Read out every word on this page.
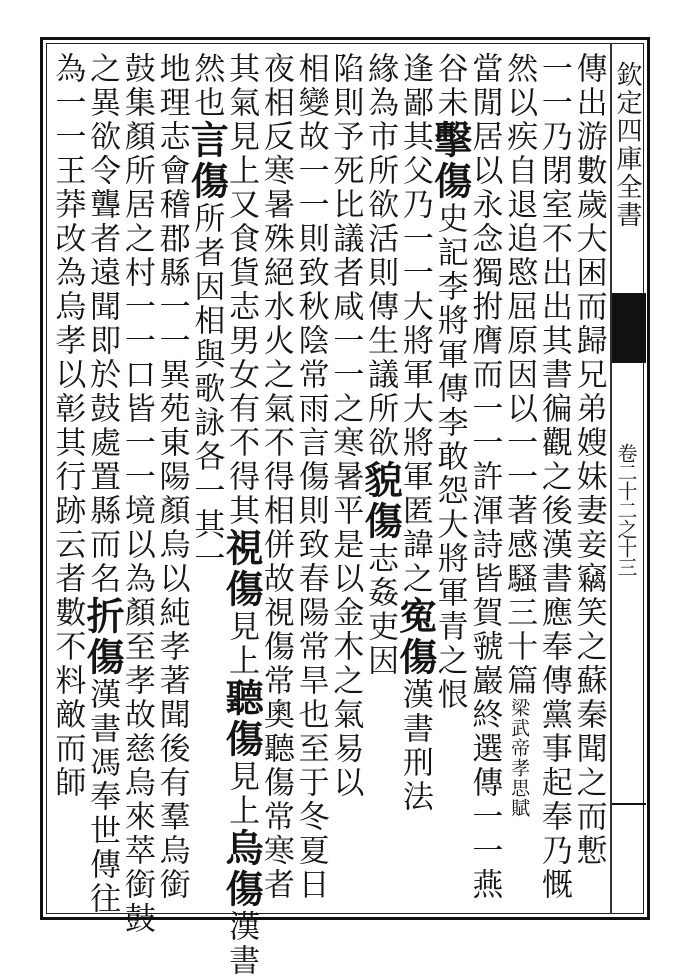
欽定四庫全書
卷二十二之十三
傳出游數歲大困而歸兄弟嫂妹妻妾竊笑之蘇秦聞之而慙
一一乃閉室不出出其書徧觀之後漢書應奉傳黨事起奉乃慨
然以疾自退追愍屈原因以一一著感騷三十篇梁武帝孝思賦
當閒居以永念獨拊膺而一一許渾詩皆賀虢巖終選傳一一燕
谷未擊傷史記李將軍傳李敢怨大將軍青之恨
逢鄙其父乃一一大將軍大將軍匿諱之寃傷漢書刑法
緣為市所欲活則傳生議所欲貌傷志姦吏因
陷則予死比議者咸一一之寒暑平是以金木之氣易以
相變故一一則致秋陰常雨言傷則致春陽常旱也至于冬夏日
夜相反寒暑殊絕水火之氣不得相併故視傷常奧聽傷常寒者
其氣見上又食貨志男女有不得其視傷見上聽傷見上烏傷漢書
然也言傷所者因相與歌詠各一其一
地理志會稽郡縣一一異苑東陽顏烏以純孝著聞後有羣烏銜
鼓集顏所居之村一一口皆一一境以為顏至孝故慈烏來萃銜鼓
之異欲令聾者遠聞即於鼓處置縣而名折傷漢書馮奉世傳往
為一一王莽改為烏孝以彰其行跡云者數不料敵而師
